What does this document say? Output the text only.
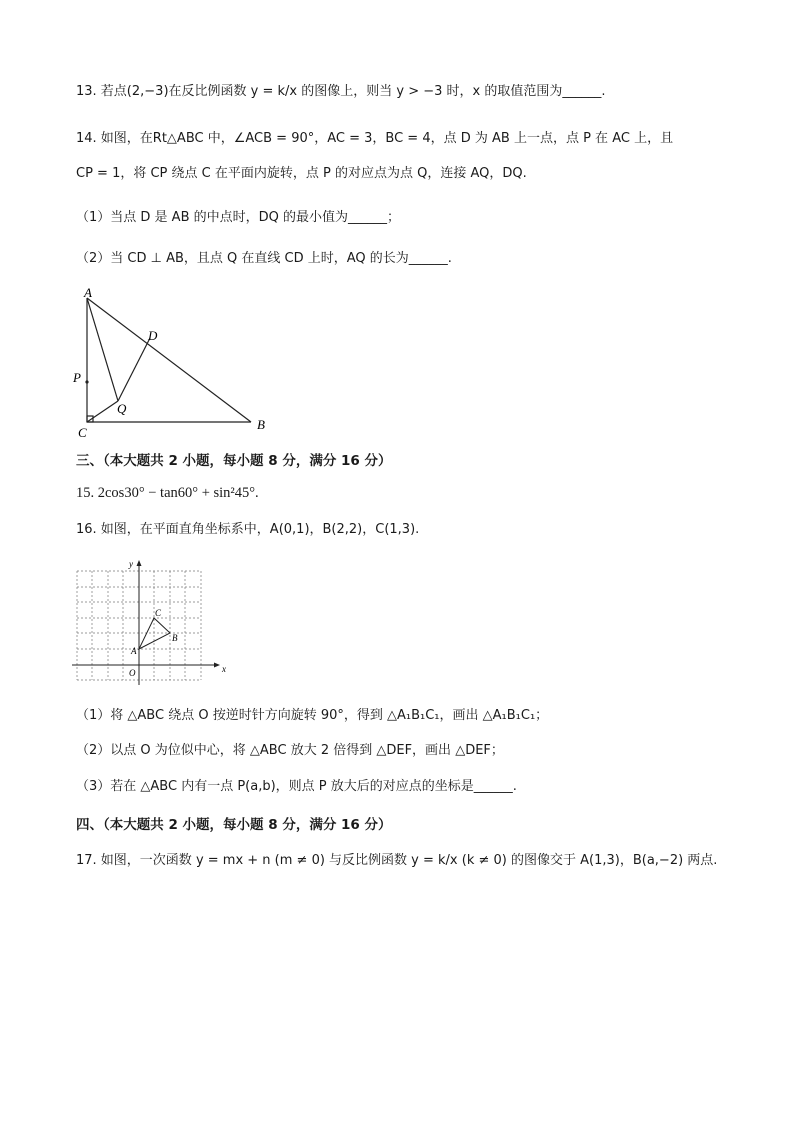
13. 若点(2,−3)在反比例函数 y = k/x 的图像上，则当 y > −3 时，x 的取值范围为______.
14. 如图，在Rt△ABC 中，∠ACB = 90°，AC = 3，BC = 4，点 D 为 AB 上一点，点 P 在 AC 上，且
CP = 1，将 CP 绕点 C 在平面内旋转，点 P 的对应点为点 Q，连接 AQ，DQ.
（1）当点 D 是 AB 的中点时，DQ 的最小值为______；
（2）当 CD ⊥ AB，且点 Q 在直线 CD 上时，AQ 的长为______.
A
B
C
D
P
Q
三、（本大题共 2 小题，每小题 8 分，满分 16 分）
15. 2cos30° − tan60° + sin²45°.
16. 如图，在平面直角坐标系中，A(0,1)，B(2,2)，C(1,3).
x
y
O
A
B
C
（1）将 △ABC 绕点 O 按逆时针方向旋转 90°，得到 △A₁B₁C₁，画出 △A₁B₁C₁；
（2）以点 O 为位似中心，将 △ABC 放大 2 倍得到 △DEF，画出 △DEF；
（3）若在 △ABC 内有一点 P(a,b)，则点 P 放大后的对应点的坐标是______.
四、（本大题共 2 小题，每小题 8 分，满分 16 分）
17. 如图，一次函数 y = mx + n (m ≠ 0) 与反比例函数 y = k/x (k ≠ 0) 的图像交于 A(1,3)，B(a,−2) 两点.
